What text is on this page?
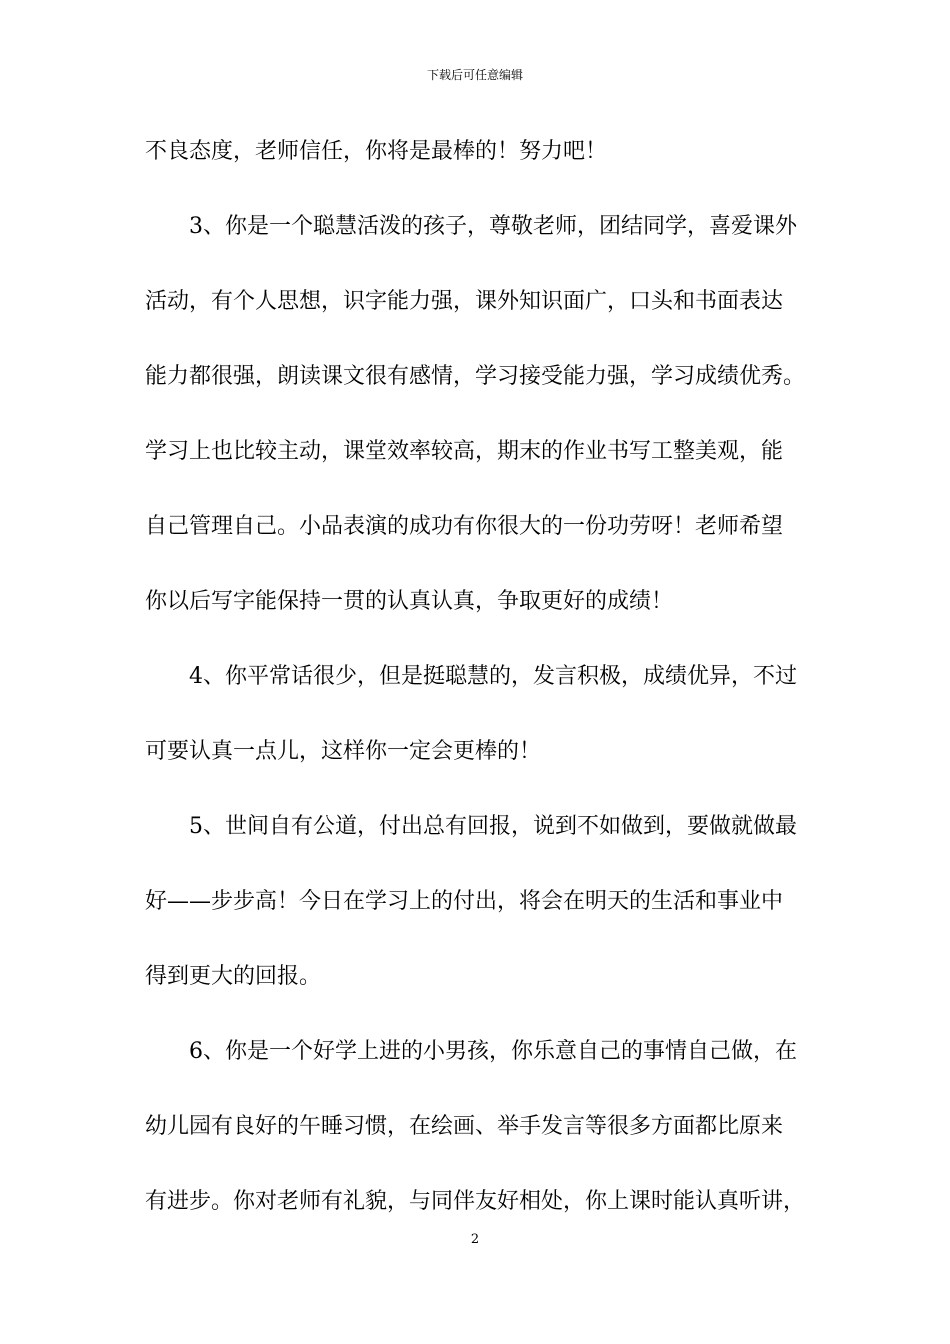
下载后可任意编辑
不良态度，老师信任，你将是最棒的！努力吧！
3、你是一个聪慧活泼的孩子，尊敬老师，团结同学，喜爱课外
活动，有个人思想，识字能力强，课外知识面广，口头和书面表达
能力都很强，朗读课文很有感情，学习接受能力强，学习成绩优秀。
学习上也比较主动，课堂效率较高，期末的作业书写工整美观，能
自己管理自己。小品表演的成功有你很大的一份功劳呀！老师希望
你以后写字能保持一贯的认真认真，争取更好的成绩！
4、你平常话很少，但是挺聪慧的，发言积极，成绩优异，不过
可要认真一点儿，这样你一定会更棒的！
5、世间自有公道，付出总有回报，说到不如做到，要做就做最
好——步步高！今日在学习上的付出，将会在明天的生活和事业中
得到更大的回报。
6、你是一个好学上进的小男孩，你乐意自己的事情自己做，在
幼儿园有良好的午睡习惯，在绘画、举手发言等很多方面都比原来
有进步。你对老师有礼貌，与同伴友好相处，你上课时能认真听讲，
2
